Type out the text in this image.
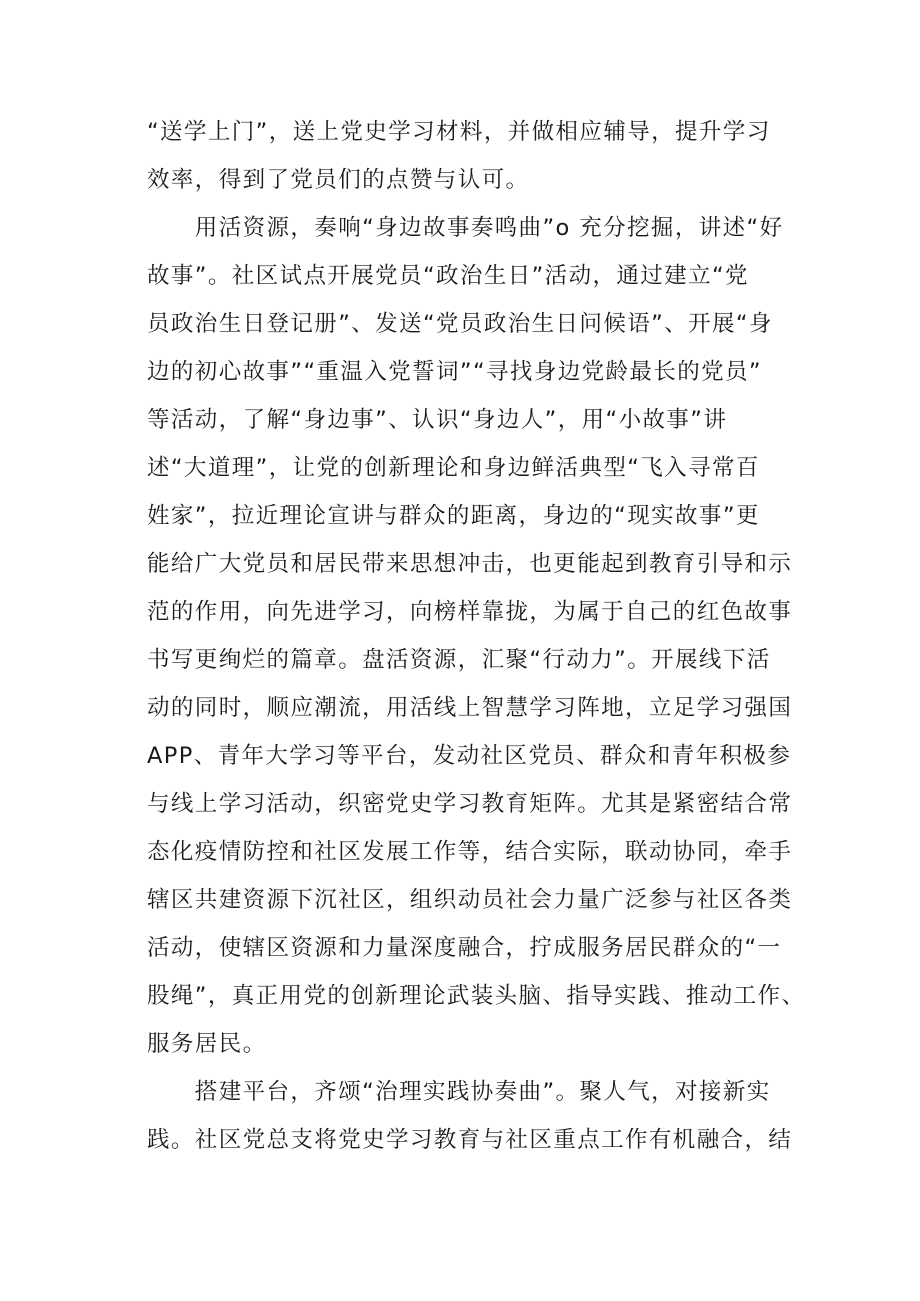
“送学上门”，送上党史学习材料，并做相应辅导，提升学习
效率，得到了党员们的点赞与认可。
　　用活资源，奏响“身边故事奏鸣曲”o 充分挖掘，讲述“好
故事”。社区试点开展党员“政治生日”活动，通过建立“党
员政治生日登记册”、发送“党员政治生日问候语”、开展“身
边的初心故事”“重温入党誓词”“寻找身边党龄最长的党员”
等活动，了解“身边事”、认识“身边人”，用“小故事”讲
述“大道理”，让党的创新理论和身边鲜活典型“飞入寻常百
姓家”，拉近理论宣讲与群众的距离，身边的“现实故事”更
能给广大党员和居民带来思想冲击，也更能起到教育引导和示
范的作用，向先进学习，向榜样靠拢，为属于自己的红色故事
书写更绚烂的篇章。盘活资源，汇聚“行动力”。开展线下活
动的同时，顺应潮流，用活线上智慧学习阵地，立足学习强国
APP、青年大学习等平台，发动社区党员、群众和青年积极参
与线上学习活动，织密党史学习教育矩阵。尤其是紧密结合常
态化疫情防控和社区发展工作等，结合实际，联动协同，牵手
辖区共建资源下沉社区，组织动员社会力量广泛参与社区各类
活动，使辖区资源和力量深度融合，拧成服务居民群众的“一
股绳”，真正用党的创新理论武装头脑、指导实践、推动工作、
服务居民。
　　搭建平台，齐颂“治理实践协奏曲”。聚人气，对接新实
践。社区党总支将党史学习教育与社区重点工作有机融合，结
